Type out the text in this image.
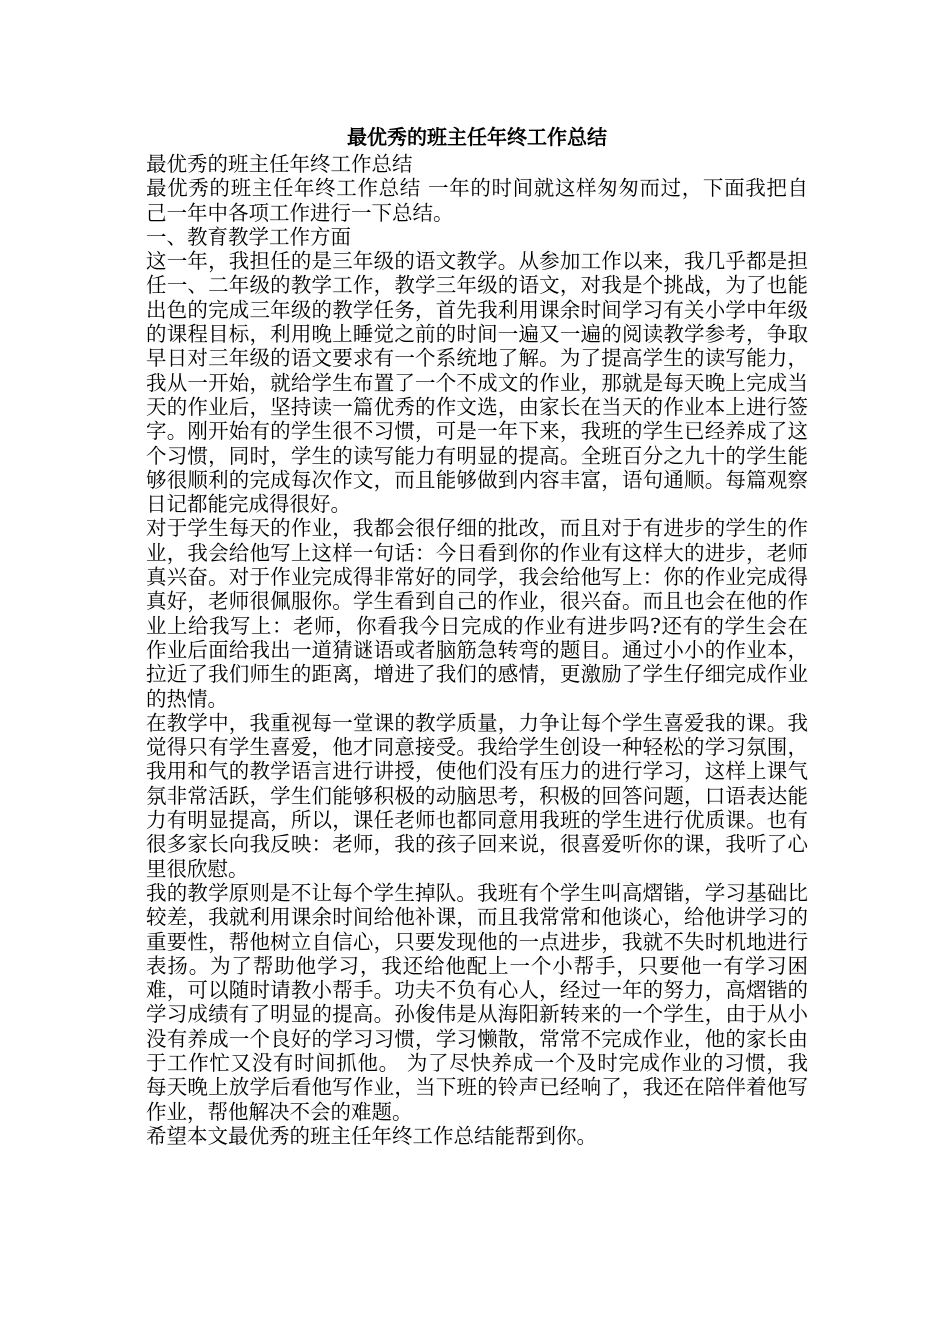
最优秀的班主任年终工作总结

最优秀的班主任年终工作总结

最优秀的班主任年终工作总结 一年的时间就这样匆匆而过，下面我把自己一年中各项工作进行一下总结。

一、教育教学工作方面

这一年，我担任的是三年级的语文教学。从参加工作以来，我几乎都是担任一、二年级的教学工作，教学三年级的语文，对我是个挑战，为了也能出色的完成三年级的教学任务，首先我利用课余时间学习有关小学中年级的课程目标，利用晚上睡觉之前的时间一遍又一遍的阅读教学参考，争取早日对三年级的语文要求有一个系统地了解。为了提高学生的读写能力，我从一开始，就给学生布置了一个不成文的作业，那就是每天晚上完成当天的作业后，坚持读一篇优秀的作文选，由家长在当天的作业本上进行签字。刚开始有的学生很不习惯，可是一年下来，我班的学生已经养成了这个习惯，同时，学生的读写能力有明显的提高。全班百分之九十的学生能够很顺利的完成每次作文，而且能够做到内容丰富，语句通顺。每篇观察日记都能完成得很好。

对于学生每天的作业，我都会很仔细的批改，而且对于有进步的学生的作业，我会给他写上这样一句话：今日看到你的作业有这样大的进步，老师真兴奋。对于作业完成得非常好的同学，我会给他写上：你的作业完成得真好，老师很佩服你。学生看到自己的作业，很兴奋。而且也会在他的作业上给我写上：老师，你看我今日完成的作业有进步吗?还有的学生会在作业后面给我出一道猜谜语或者脑筋急转弯的题目。通过小小的作业本，拉近了我们师生的距离，增进了我们的感情，更激励了学生仔细完成作业的热情。

在教学中，我重视每一堂课的教学质量，力争让每个学生喜爱我的课。我觉得只有学生喜爱，他才同意接受。我给学生创设一种轻松的学习氛围，我用和气的教学语言进行讲授，使他们没有压力的进行学习，这样上课气氛非常活跃，学生们能够积极的动脑思考，积极的回答问题，口语表达能力有明显提高，所以，课任老师也都同意用我班的学生进行优质课。也有很多家长向我反映：老师，我的孩子回来说，很喜爱听你的课，我听了心里很欣慰。

我的教学原则是不让每个学生掉队。我班有个学生叫高熠锴，学习基础比较差，我就利用课余时间给他补课，而且我常常和他谈心，给他讲学习的重要性，帮他树立自信心，只要发现他的一点进步，我就不失时机地进行表扬。为了帮助他学习，我还给他配上一个小帮手，只要他一有学习困难，可以随时请教小帮手。功夫不负有心人，经过一年的努力，高熠锴的学习成绩有了明显的提高。孙俊伟是从海阳新转来的一个学生，由于从小没有养成一个良好的学习习惯，学习懒散，常常不完成作业，他的家长由于工作忙又没有时间抓他。 为了尽快养成一个及时完成作业的习惯，我每天晚上放学后看他写作业，当下班的铃声已经响了，我还在陪伴着他写作业，帮他解决不会的难题。

希望本文最优秀的班主任年终工作总结能帮到你。
